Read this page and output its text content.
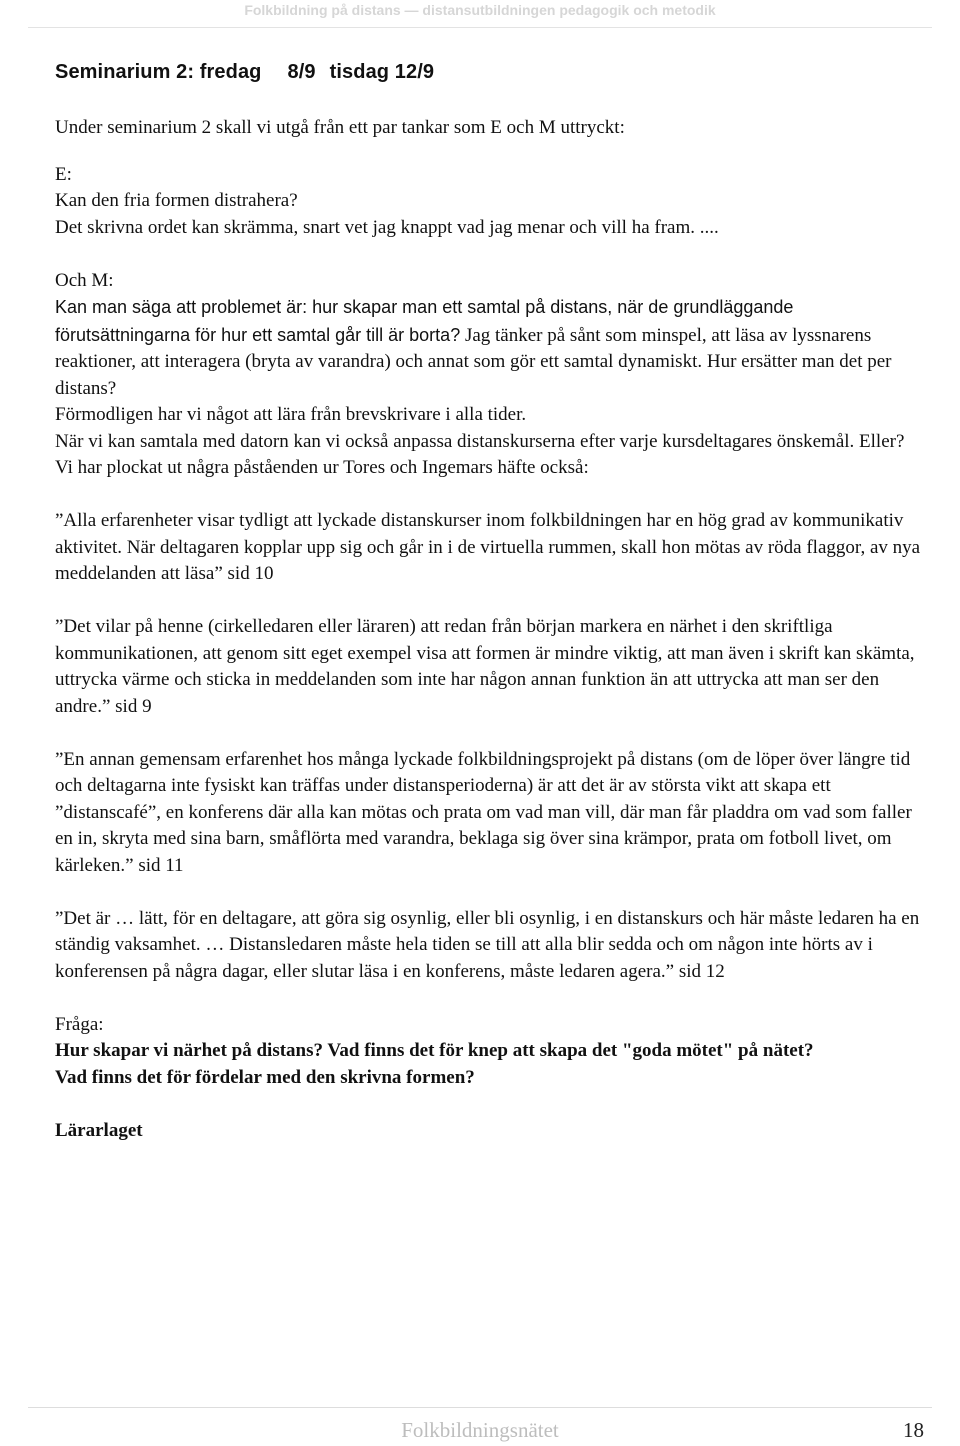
Folkbildning på distans — distansutbildningen pedagogik och metodik
Seminarium 2: fredag 8/9 tisdag 12/9

Under seminarium 2 skall vi utgå från ett par tankar som E och M uttryckt:

E:

Kan den fria formen distrahera?

Det skrivna ordet kan skrämma, snart vet jag knappt vad jag menar och vill ha fram. ....

Och M:

Kan man säga att problemet är: hur skapar man ett samtal på distans, när de grundläggande förutsättningarna för hur ett samtal går till är borta? Jag tänker på sånt som minspel, att läsa av lyssnarens reaktioner, att interagera (bryta av varandra) och annat som gör ett samtal dynamiskt. Hur ersätter man det per distans?

Förmodligen har vi något att lära från brevskrivare i alla tider.

När vi kan samtala med datorn kan vi också anpassa distanskurserna efter varje kursdeltagares önskemål. Eller?

Vi har plockat ut några påståenden ur Tores och Ingemars häfte också:

”Alla erfarenheter visar tydligt att lyckade distanskurser inom folkbildningen har en hög grad av kommunikativ aktivitet. När deltagaren kopplar upp sig och går in i de virtuella rummen, skall hon mötas av röda flaggor, av nya meddelanden att läsa” sid 10

”Det vilar på henne (cirkelledaren eller läraren) att redan från början markera en närhet i den skriftliga kommunikationen, att genom sitt eget exempel visa att formen är mindre viktig, att man även i skrift kan skämta, uttrycka värme och sticka in meddelanden som inte har någon annan funktion än att uttrycka att man ser den andre.” sid 9

”En annan gemensam erfarenhet hos många lyckade folkbildningsprojekt på distans (om de löper över längre tid och deltagarna inte fysiskt kan träffas under distansperioderna) är att det är av största vikt att skapa ett ”distanscafé”, en konferens där alla kan mötas och prata om vad man vill, där man får pladdra om vad som faller en in, skryta med sina barn, småflörta med varandra, beklaga sig över sina krämpor, prata om fotboll livet, om kärleken.” sid 11

”Det är … lätt, för en deltagare, att göra sig osynlig, eller bli osynlig, i en distanskurs och här måste ledaren ha en ständig vaksamhet. … Distansledaren måste hela tiden se till att alla blir sedda och om någon inte hörts av i konferensen på några dagar, eller slutar läsa i en konferens, måste ledaren agera.” sid 12

Fråga:

Hur skapar vi närhet på distans? Vad finns det för knep att skapa det "goda mötet" på nätet?

Vad finns det för fördelar med den skrivna formen?

Lärarlaget

Folkbildningsnätet	18
